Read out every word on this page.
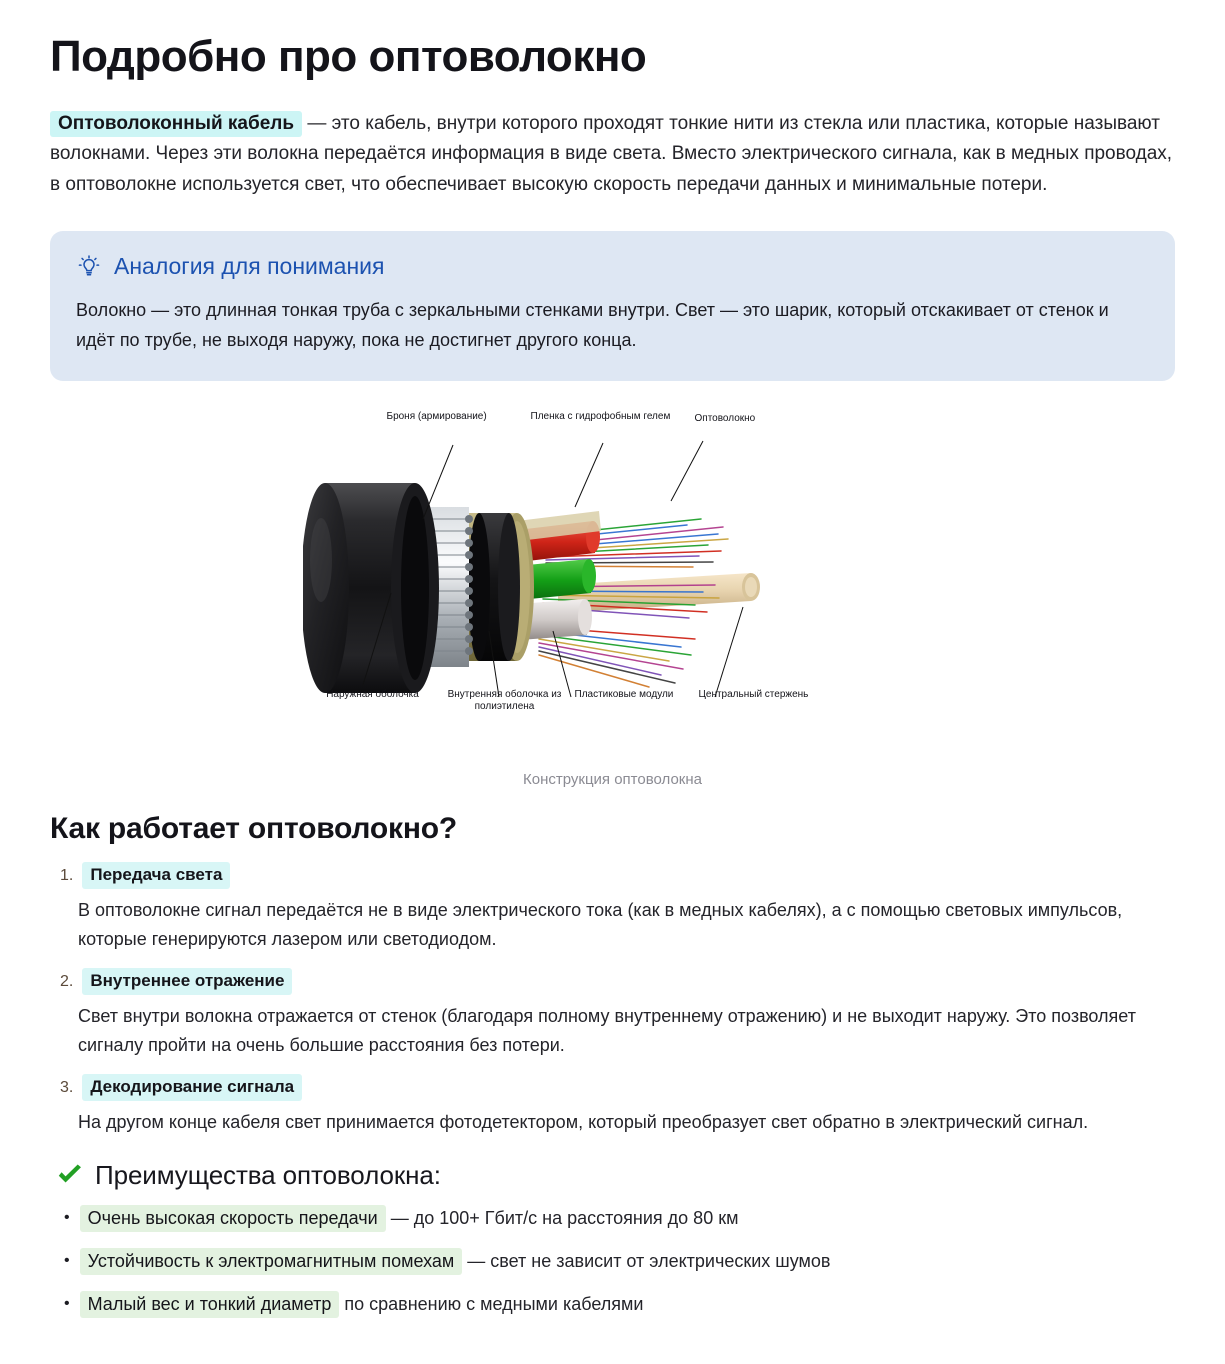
Подробно про оптоволокно

Оптоволоконный кабель — это кабель, внутри которого проходят тонкие нити из стекла или пластика, которые называют волокнами. Через эти волокна передаётся информация в виде света. Вместо электрического сигнала, как в медных проводах, в оптоволокне используется свет, что обеспечивает высокую скорость передачи данных и минимальные потери.

Аналогия для понимания
Волокно — это длинная тонкая труба с зеркальными стенками внутри. Свет — это шарик, который отскакивает от стенок и идёт по трубе, не выходя наружу, пока не достигнет другого конца.
Броня (армирование)	Пленка с гидрофобным гелем Оптоволокно
Наружная оболочка	Внутренняя оболочка из полиэтилена
Пластиковые модули	Центральный стержень
Конструкция оптоволокна
Как работает оптоволокно?
1.	Передача света
В оптоволокне сигнал передаётся не в виде электрического тока (как в медных кабелях), а с помощью световых импульсов, которые генерируются лазером или светодиодом.
2.	Внутреннее отражение
Свет внутри волокна отражается от стенок (благодаря полному внутреннему отражению) и не выходит наружу. Это позволяет сигналу пройти на очень большие расстояния без потери.
3.	Декодирование сигнала
На другом конце кабеля свет принимается фотодетектором, который преобразует свет обратно в электрический сигнал.
Преимущества оптоволокна:
•	Очень высокая скорость передачи — до 100+ Гбит/с на расстояния до 80 км
•	Устойчивость к электромагнитным помехам — свет не зависит от электрических шумов
•	Малый вес и тонкий диаметр по сравнению с медными кабелями
